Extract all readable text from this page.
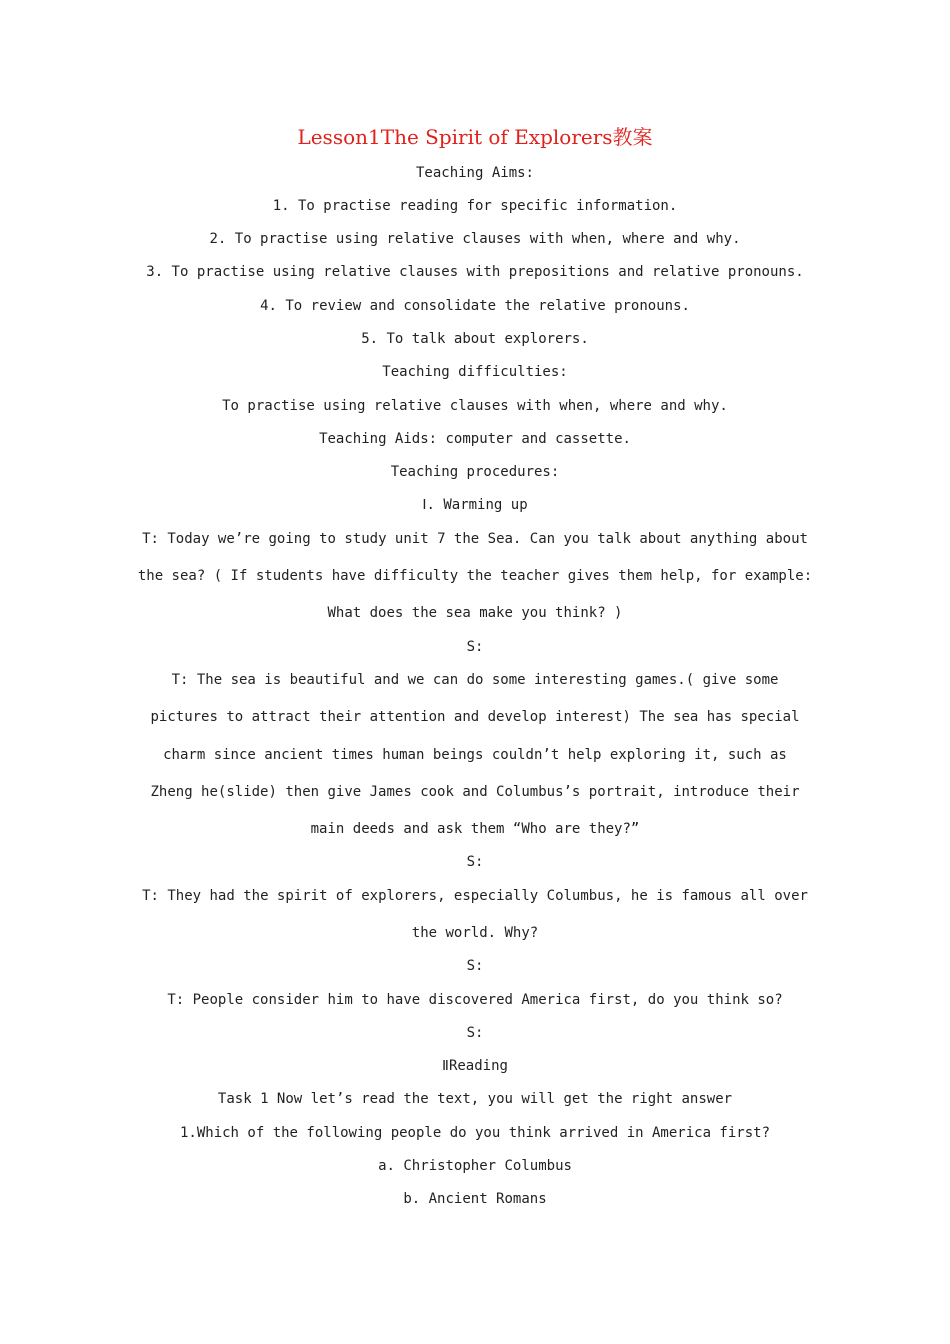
Lesson1The Spirit of Explorers教案
Teaching Aims:
1. To practise reading for specific information.
2. To practise using relative clauses with when, where and why.
3. To practise using relative clauses with prepositions and relative pronouns.
4. To review and consolidate the relative pronouns.
5. To talk about explorers.
Teaching difficulties:
To practise using relative clauses with when, where and why.
Teaching Aids: computer and cassette.
Teaching procedures:
Ⅰ. Warming up
T: Today we’re going to study unit 7 the Sea. Can you talk about anything about
the sea? ( If students have difficulty the teacher gives them help, for example:
What does the sea make you think? )
S:
T: The sea is beautiful and we can do some interesting games.( give some
pictures to attract their attention and develop interest) The sea has special
charm since ancient times human beings couldn’t help exploring it, such as
Zheng he(slide) then give James cook and Columbus’s portrait, introduce their
main deeds and ask them “Who are they?”
S:
T: They had the spirit of explorers, especially Columbus, he is famous all over
the world. Why?
S:
T: People consider him to have discovered America first, do you think so?
S:
ⅡReading
Task 1 Now let’s read the text, you will get the right answer
1.Which of the following people do you think arrived in America first?
a. Christopher Columbus
b. Ancient Romans
